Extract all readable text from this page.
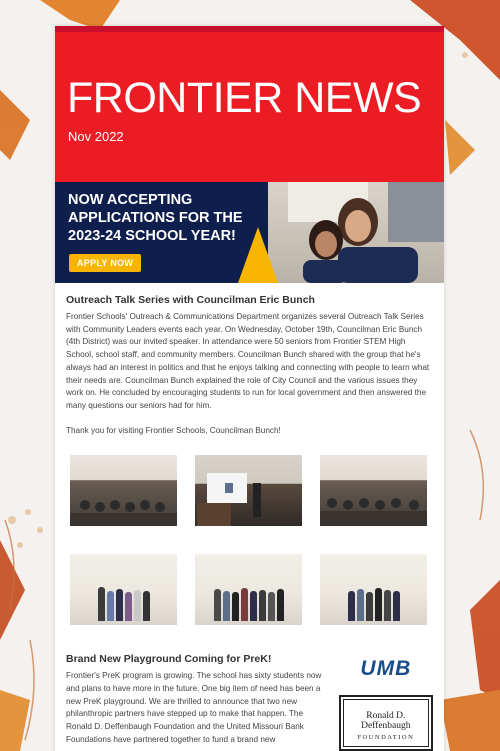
FRONTIER NEWS
Nov 2022
NOW ACCEPTING APPLICATIONS FOR THE 2023-24 SCHOOL YEAR!
APPLY NOW
Outreach Talk Series with Councilman Eric Bunch

Frontier Schools' Outreach & Communications Department organizes several Outreach Talk Series with Community Leaders events each year. On Wednesday, October 19th, Councilman Eric Bunch (4th District) was our invited speaker. In attendance were 50 seniors from Frontier STEM High School, school staff, and community members. Councilman Bunch shared with the group that he's always had an interest in politics and that he enjoys talking and connecting with people to learn what their needs are. Councilman Bunch explained the role of City Council and the various issues they work on. He concluded by encouraging students to run for local government and then answered the many questions our seniors had for him.

Thank you for visiting Frontier Schools, Councilman Bunch!

Brand New Playground Coming for PreK!

Frontier's PreK program is growing. The school has sixty students now and plans to have more in the future. One big item of need has been a new PreK playground. We are thrilled to announce that two new philanthropic partners have stepped up to make that happen. The Ronald D. Deffenbaugh Foundation and the United Missouri Bank Foundations have partnered together to fund a brand new

UMB
Ronald D. Deffenbaugh
FOUNDATION
